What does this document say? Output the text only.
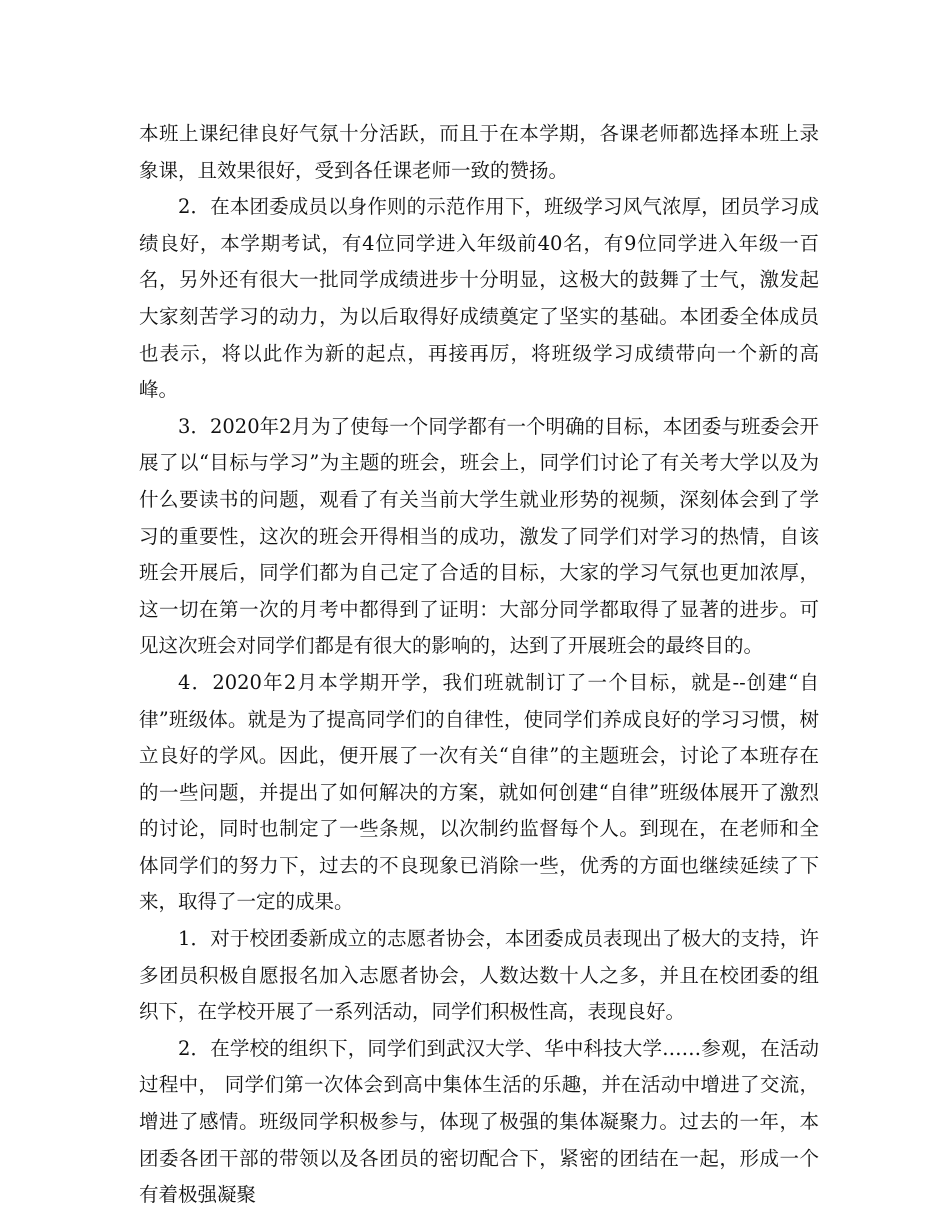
本班上课纪律良好气氛十分活跃，而且于在本学期，各课老师都选择本班上录象课，且效果很好，受到各任课老师一致的赞扬。

2．在本团委成员以身作则的示范作用下，班级学习风气浓厚，团员学习成绩良好，本学期考试，有4位同学进入年级前40名，有9位同学进入年级一百名，另外还有很大一批同学成绩进步十分明显，这极大的鼓舞了士气，激发起大家刻苦学习的动力，为以后取得好成绩奠定了坚实的基础。本团委全体成员也表示，将以此作为新的起点，再接再厉，将班级学习成绩带向一个新的高峰。

3．2020年2月为了使每一个同学都有一个明确的目标，本团委与班委会开展了以“目标与学习”为主题的班会，班会上，同学们讨论了有关考大学以及为什么要读书的问题，观看了有关当前大学生就业形势的视频，深刻体会到了学习的重要性，这次的班会开得相当的成功，激发了同学们对学习的热情，自该班会开展后，同学们都为自己定了合适的目标，大家的学习气氛也更加浓厚，这一切在第一次的月考中都得到了证明：大部分同学都取得了显著的进步。可见这次班会对同学们都是有很大的影响的，达到了开展班会的最终目的。

4．2020年2月本学期开学，我们班就制订了一个目标，就是--创建“自律”班级体。就是为了提高同学们的自律性，使同学们养成良好的学习习惯，树立良好的学风。因此，便开展了一次有关“自律”的主题班会，讨论了本班存在的一些问题，并提出了如何解决的方案，就如何创建“自律”班级体展开了激烈的讨论，同时也制定了一些条规，以次制约监督每个人。到现在，在老师和全体同学们的努力下，过去的不良现象已消除一些，优秀的方面也继续延续了下来，取得了一定的成果。

1．对于校团委新成立的志愿者协会，本团委成员表现出了极大的支持，许多团员积极自愿报名加入志愿者协会，人数达数十人之多，并且在校团委的组织下，在学校开展了一系列活动，同学们积极性高，表现良好。

2．在学校的组织下，同学们到武汉大学、华中科技大学……参观，在活动过程中， 同学们第一次体会到高中集体生活的乐趣，并在活动中增进了交流，增进了感情。班级同学积极参与，体现了极强的集体凝聚力。过去的一年，本团委各团干部的带领以及各团员的密切配合下，紧密的团结在一起，形成一个有着极强凝聚
